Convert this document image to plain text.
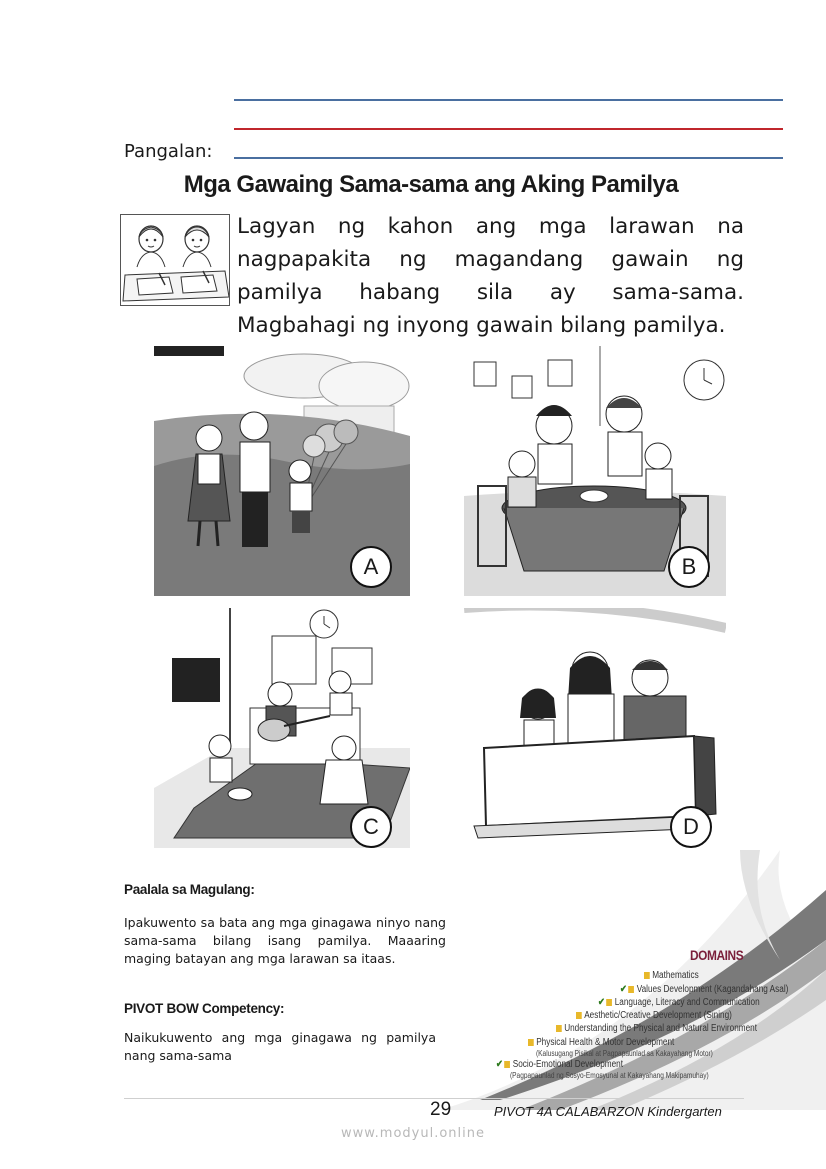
Pangalan:
Mga Gawaing Sama-sama ang Aking Pamilya
Lagyan ng kahon ang mga larawan na nagpapakita ng magandang gawain ng pamilya habang sila ay sama-sama. Magbahagi ng inyong gawain bilang pamilya.
A	B
C	D
Paalala sa Magulang:
Ipakuwento sa bata ang mga ginagawa ninyo nang sama-sama bilang isang pamilya. Maaaring maging batayan ang mga larawan sa itaas.
PIVOT BOW Competency:
Naikukuwento ang mga ginagawa ng pamilya nang sama-sama
DOMAINS
Mathematics
✔ Values Development (Kagandahang Asal)
✔ Language, Literacy and Communication
Aesthetic/Creative Development (Sining)
Understanding the Physical and Natural Environment
Physical Health & Motor Development
(Kalusugang Pisikal at Pagpapaunlad sa Kakayahang Motor)
✔ Socio-Emotional Development
(Pagpapaunlad ng Sosyo-Emosyunal at Kakayahang Makipamuhay)
29	PIVOT 4A CALABARZON Kindergarten
www.modyul.online
